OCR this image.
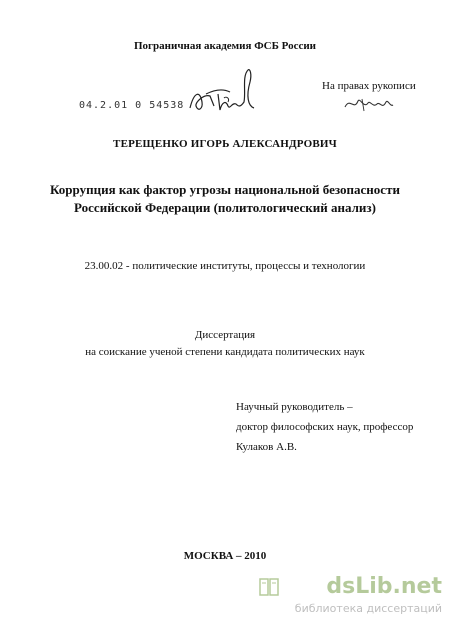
Пограничная академия ФСБ России
На правах рукописи
04.2.01 0 54538
ТЕРЕЩЕНКО ИГОРЬ АЛЕКСАНДРОВИЧ
Коррупция как фактор угрозы национальной безопасности
Российской Федерации (политологический анализ)
23.00.02 - политические институты, процессы и технологии
Диссертация
на соискание ученой степени кандидата политических наук
Научный руководитель –
доктор философских наук, профессор
Кулаков А.В.
МОСКВА – 2010
dsLib.net
библиотека диссертаций
